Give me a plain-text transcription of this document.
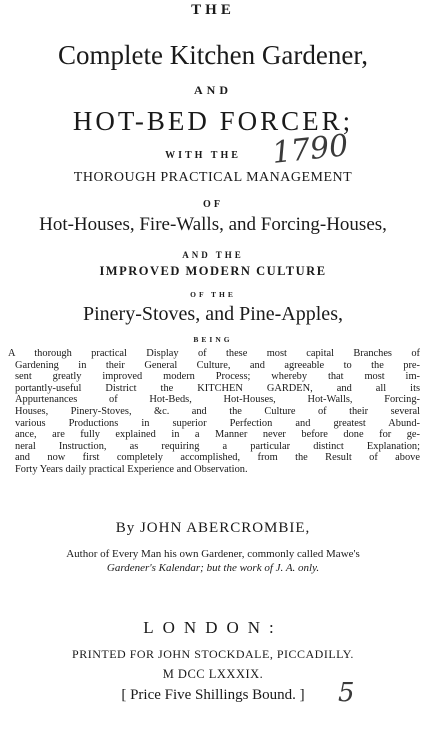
THE
Complete Kitchen Gardener,
AND
HOT-BED FORCER;
WITH THE 1790
THOROUGH PRACTICAL MANAGEMENT
OF
Hot-Houses, Fire-Walls, and Forcing-Houses,
AND THE
IMPROVED MODERN CULTURE
OF THE
Pinery-Stoves, and Pine-Apples,
BEING
A thorough practical Display of these most capital Branches of
Gardening in their General Culture, and agreeable to the pre-
sent greatly improved modern Process; whereby that most im-
portantly-useful District the KITCHEN GARDEN, and all its
Appurtenances of Hot-Beds, Hot-Houses, Hot-Walls, Forcing-
Houses, Pinery-Stoves, &c. and the Culture of their several
various Productions in superior Perfection and greatest Abund-
ance, are fully explained in a Manner never before done for ge-
neral Instruction, as requiring a particular distinct Explanation;
and now first completely accomplished, from the Result of above
Forty Years daily practical Experience and Observation.
By JOHN ABERCROMBIE,
Author of Every Man his own Gardener, commonly called Mawe's
Gardener's Kalendar; but the work of J. A. only.
LONDON:
PRINTED FOR JOHN STOCKDALE, PICCADILLY.
M DCC LXXXIX.
[ Price Five Shillings Bound. ]	5
